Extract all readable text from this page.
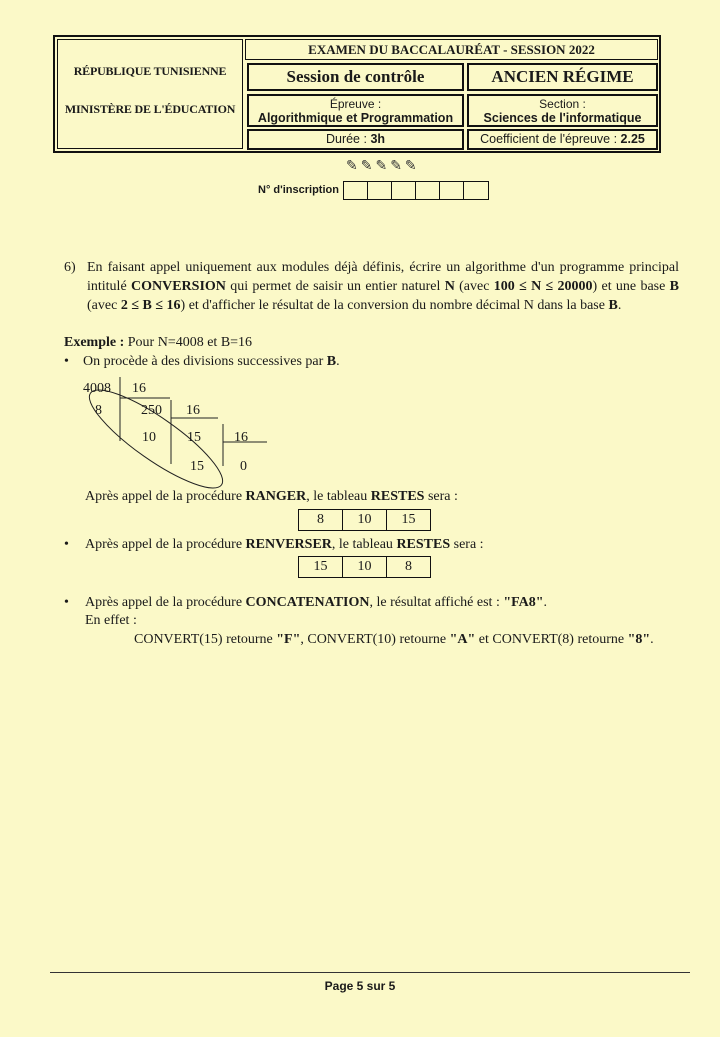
RÉPUBLIQUE TUNISIENNE
MINISTÈRE DE L'ÉDUCATION
EXAMEN DU BACCALAURÉAT - SESSION 2022
Session de contrôle	ANCIEN RÉGIME
Épreuve :
Algorithmique et Programmation
Section :
Sciences de l'informatique
Durée : 3h	Coefficient de l'épreuve : 2.25
✎✎✎✎✎
N° d'inscription
6) En faisant appel uniquement aux modules déjà définis, écrire un algorithme d'un programme principal intitulé CONVERSION qui permet de saisir un entier naturel N (avec 100 ≤ N ≤ 20000) et une base B (avec 2 ≤ B ≤ 16) et d'afficher le résultat de la conversion du nombre décimal N dans la base B.
Exemple : Pour N=4008 et B=16
• On procède à des divisions successives par B.
4008 16
8	250 16
10 15 16
15	0
Après appel de la procédure RANGER, le tableau RESTES sera :
8	10	15
• Après appel de la procédure RENVERSER, le tableau RESTES sera :
15	10	8
• Après appel de la procédure CONCATENATION, le résultat affiché est : "FA8".
En effet :
CONVERT(15) retourne "F", CONVERT(10) retourne "A" et CONVERT(8) retourne "8".
Page 5 sur 5
